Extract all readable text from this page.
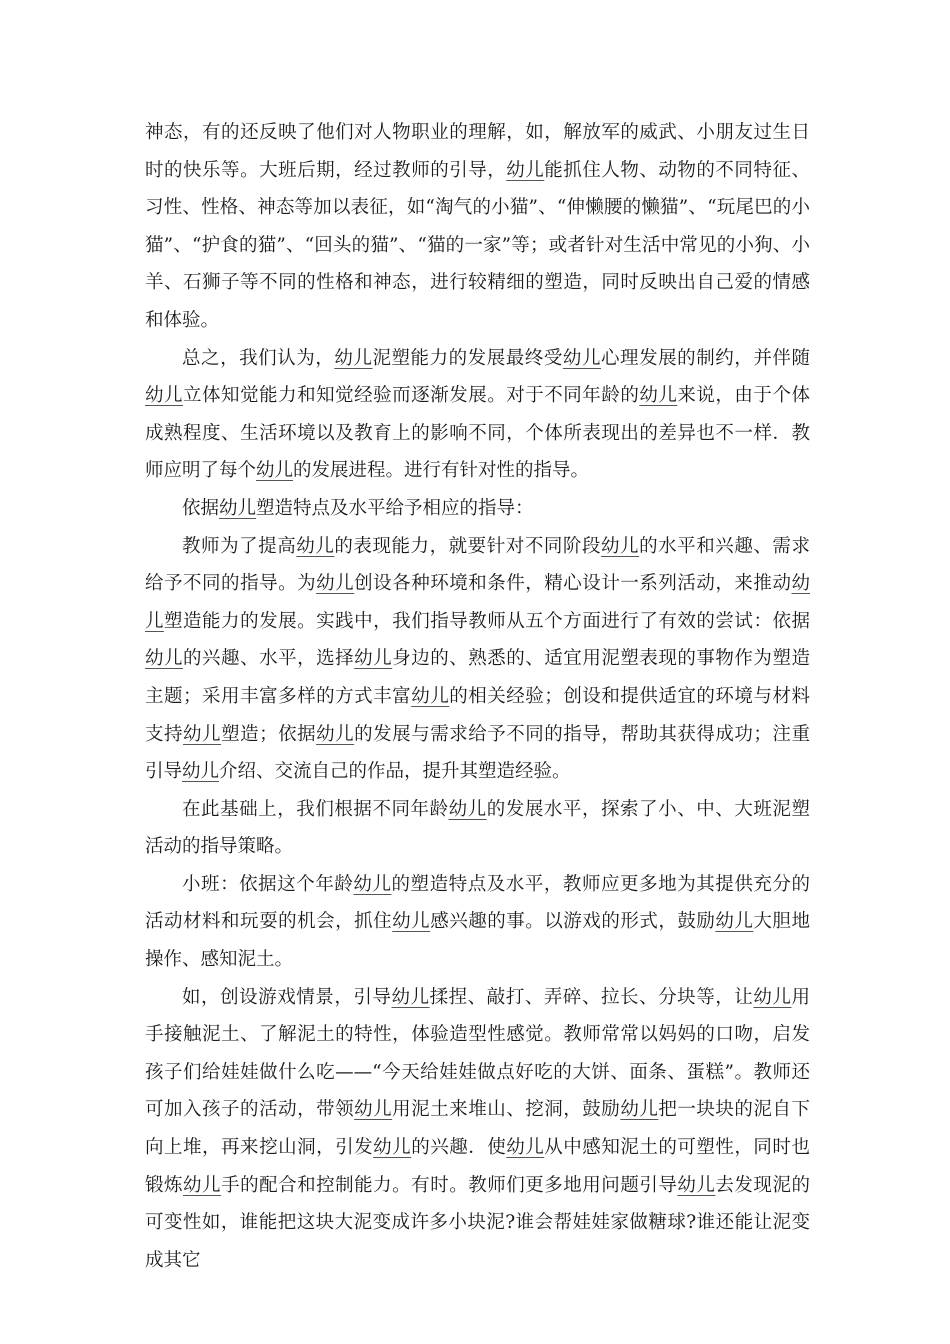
神态，有的还反映了他们对人物职业的理解，如，解放军的威武、小朋友过生日时的快乐等。大班后期，经过教师的引导，幼儿能抓住人物、动物的不同特征、习性、性格、神态等加以表征，如“淘气的小猫”、“伸懒腰的懒猫”、“玩尾巴的小猫”、“护食的猫”、“回头的猫”、“猫的一家”等；或者针对生活中常见的小狗、小羊、石狮子等不同的性格和神态，进行较精细的塑造，同时反映出自己爱的情感和体验。

总之，我们认为，幼儿泥塑能力的发展最终受幼儿心理发展的制约，并伴随幼儿立体知觉能力和知觉经验而逐渐发展。对于不同年龄的幼儿来说，由于个体成熟程度、生活环境以及教育上的影响不同，个体所表现出的差异也不一样．教师应明了每个幼儿的发展进程。进行有针对性的指导。

依据幼儿塑造特点及水平给予相应的指导：

教师为了提高幼儿的表现能力，就要针对不同阶段幼儿的水平和兴趣、需求给予不同的指导。为幼儿创设各种环境和条件，精心设计一系列活动，来推动幼儿塑造能力的发展。实践中，我们指导教师从五个方面进行了有效的尝试：依据幼儿的兴趣、水平，选择幼儿身边的、熟悉的、适宜用泥塑表现的事物作为塑造主题；采用丰富多样的方式丰富幼儿的相关经验；创设和提供适宜的环境与材料支持幼儿塑造；依据幼儿的发展与需求给予不同的指导，帮助其获得成功；注重引导幼儿介绍、交流自己的作品，提升其塑造经验。

在此基础上，我们根据不同年龄幼儿的发展水平，探索了小、中、大班泥塑活动的指导策略。

小班：依据这个年龄幼儿的塑造特点及水平，教师应更多地为其提供充分的活动材料和玩耍的机会，抓住幼儿感兴趣的事。以游戏的形式，鼓励幼儿大胆地操作、感知泥土。

如，创设游戏情景，引导幼儿揉捏、敲打、弄碎、拉长、分块等，让幼儿用手接触泥土、了解泥土的特性，体验造型性感觉。教师常常以妈妈的口吻，启发孩子们给娃娃做什么吃——“今天给娃娃做点好吃的大饼、面条、蛋糕”。教师还可加入孩子的活动，带领幼儿用泥土来堆山、挖洞，鼓励幼儿把一块块的泥自下向上堆，再来挖山洞，引发幼儿的兴趣．使幼儿从中感知泥土的可塑性，同时也锻炼幼儿手的配合和控制能力。有时。教师们更多地用问题引导幼儿去发现泥的可变性如，谁能把这块大泥变成许多小块泥?谁会帮娃娃家做糖球?谁还能让泥变成其它
